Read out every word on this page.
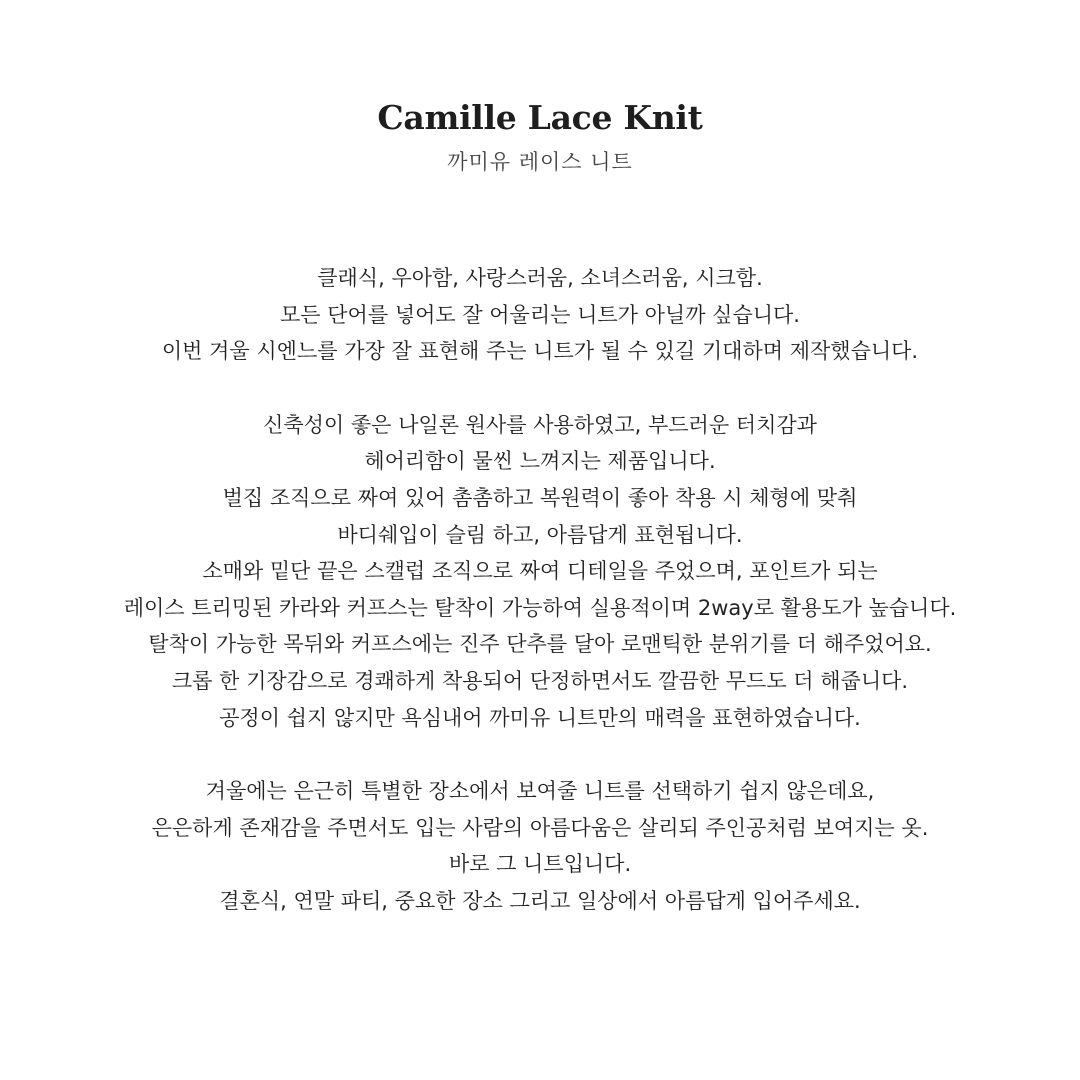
Camille Lace Knit
까미유 레이스 니트
클래식, 우아함, 사랑스러움, 소녀스러움, 시크함.
모든 단어를 넣어도 잘 어울리는 니트가 아닐까 싶습니다.
이번 겨울 시엔느를 가장 잘 표현해 주는 니트가 될 수 있길 기대하며 제작했습니다.
신축성이 좋은 나일론 원사를 사용하였고, 부드러운 터치감과
헤어리함이 물씬 느껴지는 제품입니다.
벌집 조직으로 짜여 있어 촘촘하고 복원력이 좋아 착용 시 체형에 맞춰
바디쉐입이 슬림 하고, 아름답게 표현됩니다.
소매와 밑단 끝은 스캘럽 조직으로 짜여 디테일을 주었으며, 포인트가 되는
레이스 트리밍된 카라와 커프스는 탈착이 가능하여 실용적이며 2way로 활용도가 높습니다.
탈착이 가능한 목뒤와 커프스에는 진주 단추를 달아 로맨틱한 분위기를 더 해주었어요.
크롭 한 기장감으로 경쾌하게 착용되어 단정하면서도 깔끔한 무드도 더 해줍니다.
공정이 쉽지 않지만 욕심내어 까미유 니트만의 매력을 표현하였습니다.
겨울에는 은근히 특별한 장소에서 보여줄 니트를 선택하기 쉽지 않은데요,
은은하게 존재감을 주면서도 입는 사람의 아름다움은 살리되 주인공처럼 보여지는 옷.
바로 그 니트입니다.
결혼식, 연말 파티, 중요한 장소 그리고 일상에서 아름답게 입어주세요.
